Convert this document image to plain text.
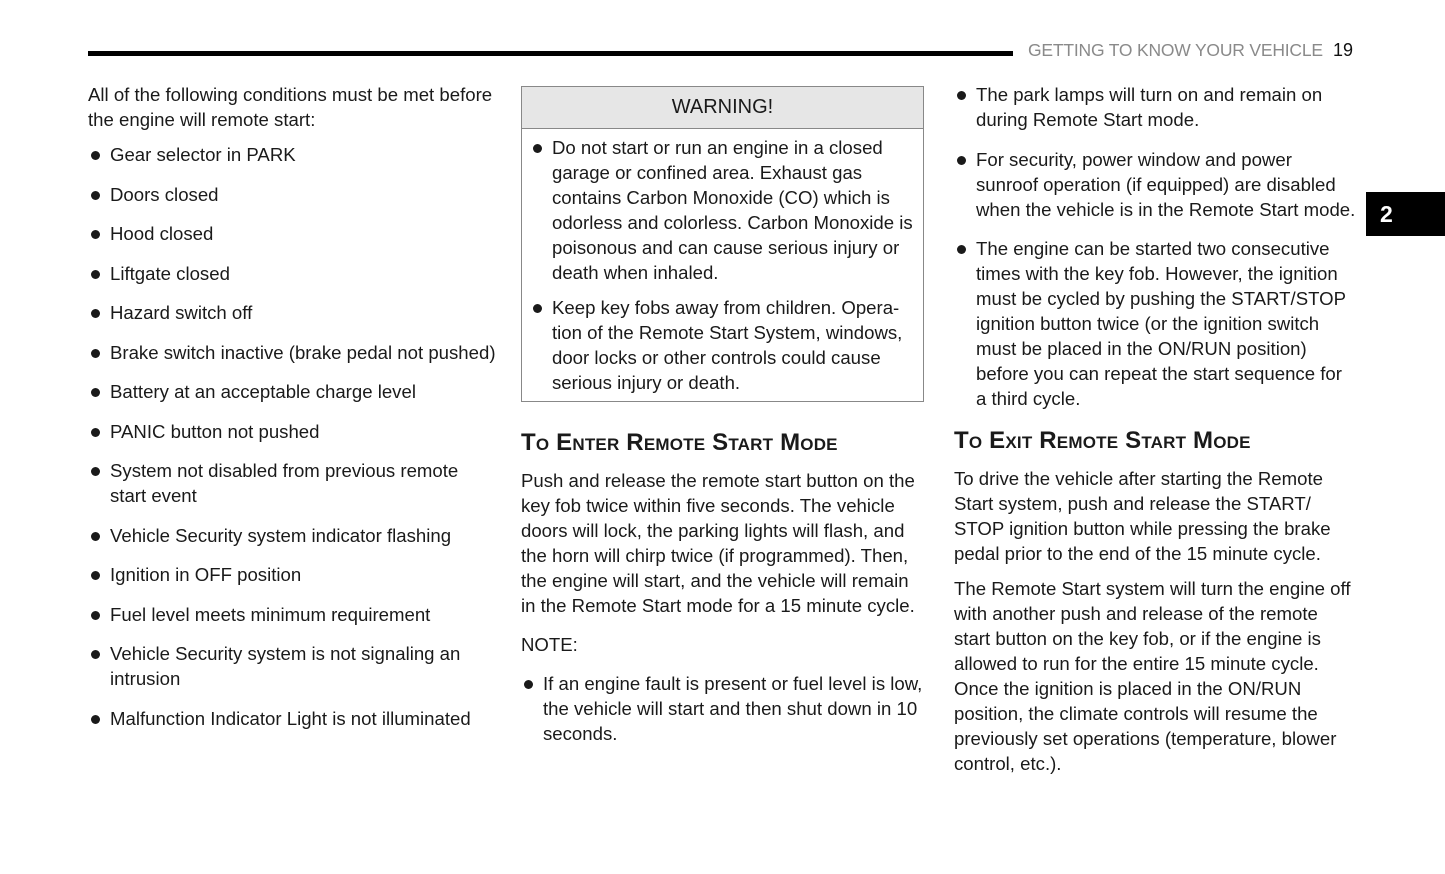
GETTING TO KNOW YOUR VEHICLE 19
2

All of the following conditions must be met before the engine will remote start:

Gear selector in PARK
Doors closed
Hood closed
Liftgate closed
Hazard switch off
Brake switch inactive (brake pedal not pushed)
Battery at an acceptable charge level
PANIC button not pushed
System not disabled from previous remote start event
Vehicle Security system indicator flashing
Ignition in OFF position
Fuel level meets minimum requirement
Vehicle Security system is not signaling an intrusion
Malfunction Indicator Light is not illuminated
WARNING!
Do not start or run an engine in a closed garage or confined area. Exhaust gas contains Carbon Monoxide (CO) which is odorless and colorless. Carbon Monoxide is poisonous and can cause serious injury or death when inhaled.
Keep key fobs away from children. Opera-tion of the Remote Start System, windows, door locks or other controls could cause serious injury or death.
To Enter Remote Start Mode

Push and release the remote start button on the key fob twice within five seconds. The vehicle doors will lock, the parking lights will flash, and the horn will chirp twice (if programmed). Then, the engine will start, and the vehicle will remain in the Remote Start mode for a 15 minute cycle.

NOTE:
If an engine fault is present or fuel level is low, the vehicle will start and then shut down in 10 seconds.
The park lamps will turn on and remain on during Remote Start mode.
For security, power window and power sunroof operation (if equipped) are disabled when the vehicle is in the Remote Start mode.
The engine can be started two consecutive times with the key fob. However, the ignition must be cycled by pushing the START/STOP ignition button twice (or the ignition switch must be placed in the ON/RUN position) before you can repeat the start sequence for a third cycle.
To Exit Remote Start Mode

To drive the vehicle after starting the Remote Start system, push and release the START/ STOP ignition button while pressing the brake pedal prior to the end of the 15 minute cycle.

The Remote Start system will turn the engine off with another push and release of the remote start button on the key fob, or if the engine is allowed to run for the entire 15 minute cycle. Once the ignition is placed in the ON/RUN position, the climate controls will resume the previously set operations (temperature, blower control, etc.).
